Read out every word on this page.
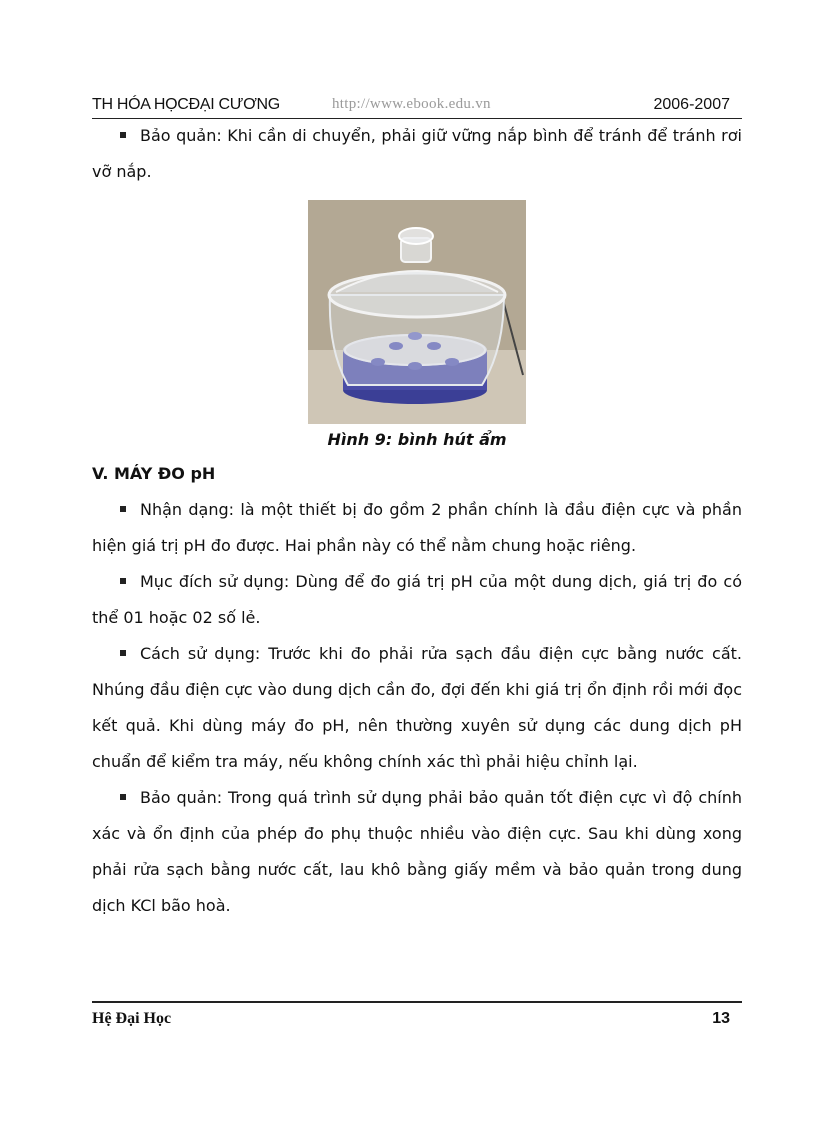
TH HÓA HỌCĐẠI CƯƠNG	http://www.ebook.edu.vn	2006-2007

Bảo quản: Khi cần di chuyển, phải giữ vững nắp bình để tránh để tránh rơi vỡ nắp.

Hình 9: bình hút ẩm

V. MÁY ĐO pH

Nhận dạng: là một thiết bị đo gồm 2 phần chính là đầu điện cực và phần hiện giá trị pH đo được. Hai phần này có thể nằm chung hoặc riêng.

Mục đích sử dụng: Dùng để đo giá trị pH của một dung dịch, giá trị đo có thể 01 hoặc 02 số lẻ.

Cách sử dụng: Trước khi đo phải rửa sạch đầu điện cực bằng nước cất. Nhúng đầu điện cực vào dung dịch cần đo, đợi đến khi giá trị ổn định rồi mới đọc kết quả. Khi dùng máy đo pH, nên thường xuyên sử dụng các dung dịch pH chuẩn để kiểm tra máy, nếu không chính xác thì phải hiệu chỉnh lại.

Bảo quản: Trong quá trình sử dụng phải bảo quản tốt điện cực vì độ chính xác và ổn định của phép đo phụ thuộc nhiều vào điện cực. Sau khi dùng xong phải rửa sạch bằng nước cất, lau khô bằng giấy mềm và bảo quản trong dung dịch KCl bão hoà.

Hệ Đại Học	13
